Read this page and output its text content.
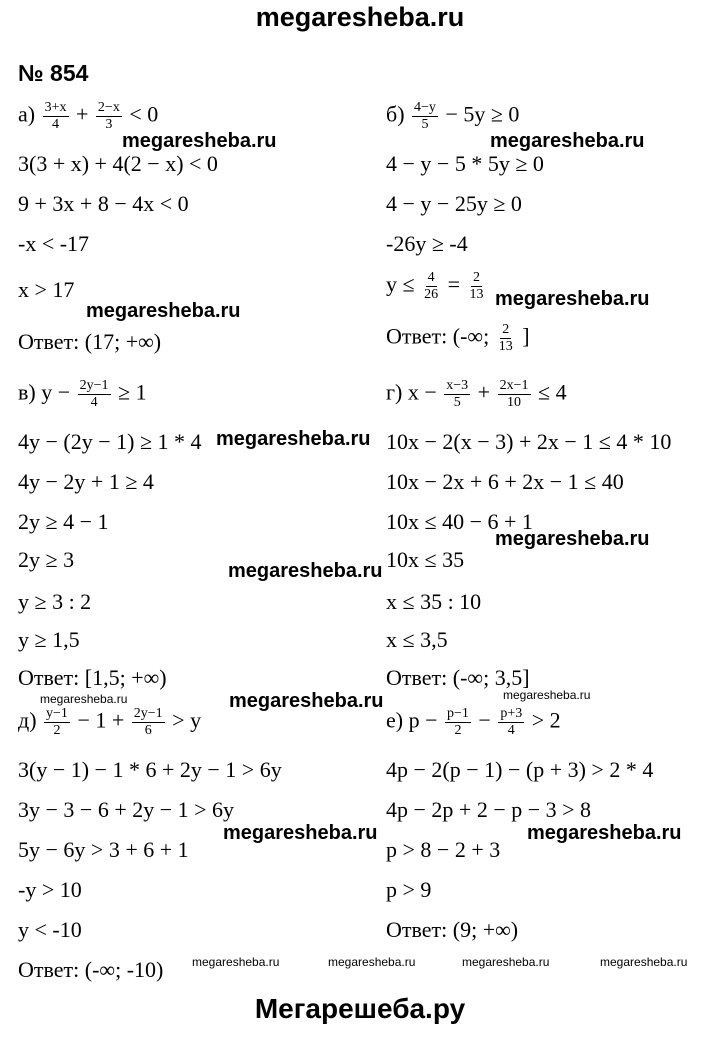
megaresheba.ru
№ 854
$а) \frac{3+x}{4} + \frac{2-x}{3} < 0$
3(3 + x) + 4(2 − x) < 0
9 + 3x + 8 − 4x < 0
-x < -17
x > 17
Ответ: (17; +∞)
$б) \frac{4-y}{5} - 5y \ge 0$
4 − y − 5 * 5y ≥ 0
4 − y − 25y ≥ 0
-26y ≥ -4
$y \le \frac{4}{26} = \frac{2}{13}$
Ответ: (-∞; $\frac{2}{13}$ ]
в) $y - \frac{2y-1}{4} \ge 1$
4y − (2y − 1) ≥ 1 * 4
4y − 2y + 1 ≥ 4
2y ≥ 4 − 1
2y ≥ 3
y ≥ 3 : 2
y ≥ 1,5
Ответ: [1,5; +∞)
г) $x - \frac{x-3}{5} + \frac{2x-1}{10} \le 4$
10x − 2(x − 3) + 2x − 1 ≤ 4 * 10
10x − 2x + 6 + 2x − 1 ≤ 40
10x ≤ 40 − 6 + 1
10x ≤ 35
x ≤ 35 : 10
x ≤ 3,5
Ответ: (-∞; 3,5]
$д) \frac{y-1}{2} - 1 + \frac{2y-1}{6} > y$
3(y − 1) − 1 * 6 + 2y − 1 > 6y
3y − 3 − 6 + 2y − 1 > 6y
5y − 6y > 3 + 6 + 1
-y > 10
y < -10
Ответ: (-∞; -10)
е) $p - \frac{p-1}{2} - \frac{p+3}{4} > 2$
4p − 2(p − 1) − (p + 3) > 2 * 4
4p − 2p + 2 − p − 3 > 8
p > 8 − 2 + 3
p > 9
Ответ: (9; +∞)
megaresheba.ru	megaresheba.ru
megaresheba.ru
megaresheba.ru
megaresheba.ru
megaresheba.ru
megaresheba.ru
megaresheba.ru
megaresheba.ru	megaresheba.ru
megaresheba.ru	megaresheba.ru
megaresheba.ru	megaresheba.ru	megaresheba.ru	megaresheba.ru
Мегарешеба.ру
